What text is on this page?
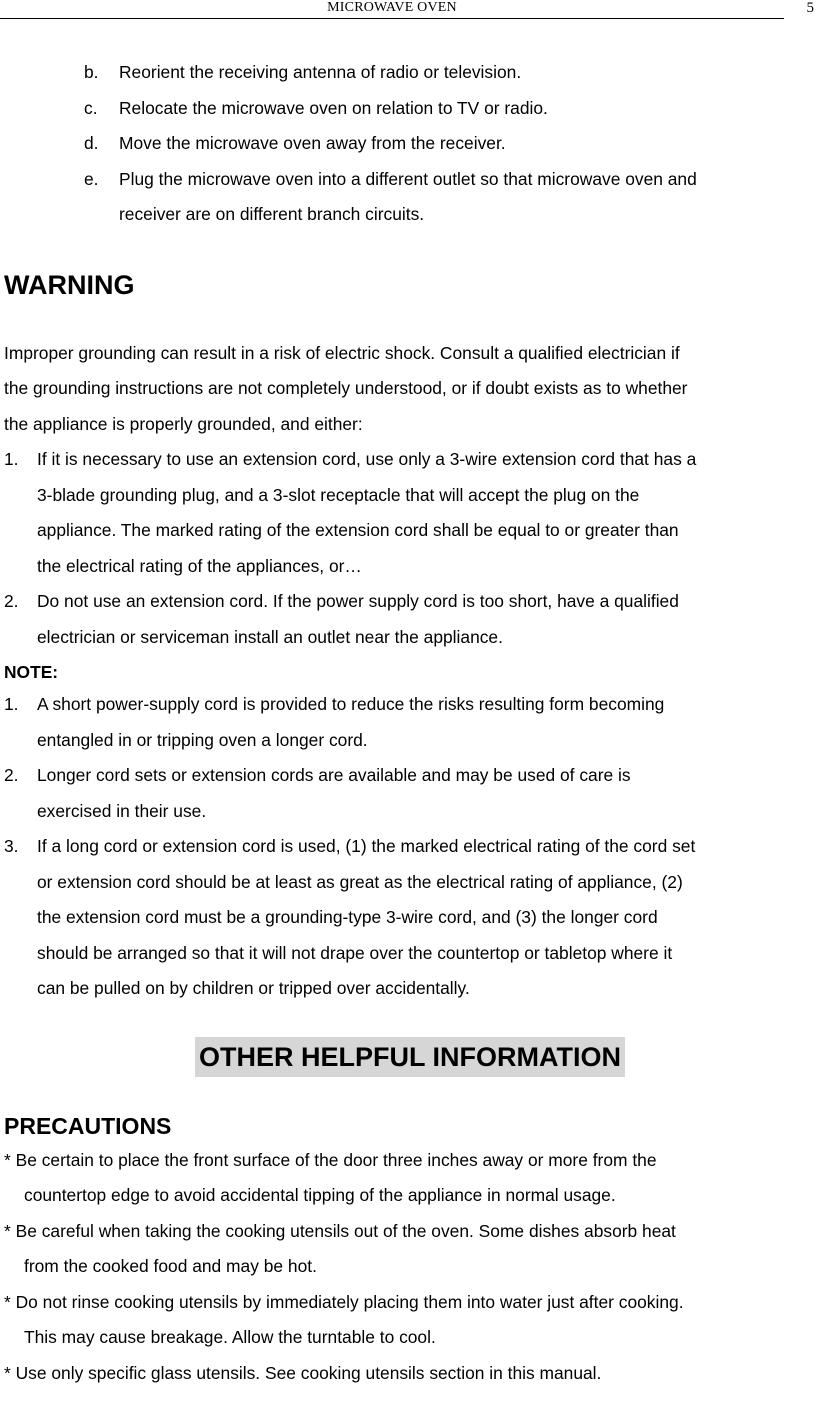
MICROWAVE OVEN	5
b.	Reorient the receiving antenna of radio or television.
c.	Relocate the microwave oven on relation to TV or radio.
d.	Move the microwave oven away from the receiver.
e.	Plug the microwave oven into a different outlet so that microwave oven and
receiver are on different branch circuits.
WARNING
Improper grounding can result in a risk of electric shock. Consult a qualified electrician if
the grounding instructions are not completely understood, or if doubt exists as to whether
the appliance is properly grounded, and either:
1.	If it is necessary to use an extension cord, use only a 3-wire extension cord that has a
3-blade grounding plug, and a 3-slot receptacle that will accept the plug on the
appliance. The marked rating of the extension cord shall be equal to or greater than
the electrical rating of the appliances, or…
2.	Do not use an extension cord. If the power supply cord is too short, have a qualified
electrician or serviceman install an outlet near the appliance.
NOTE:
1.	A short power-supply cord is provided to reduce the risks resulting form becoming
entangled in or tripping oven a longer cord.
2.	Longer cord sets or extension cords are available and may be used of care is
exercised in their use.
3.	If a long cord or extension cord is used, (1) the marked electrical rating of the cord set
or extension cord should be at least as great as the electrical rating of appliance, (2)
the extension cord must be a grounding-type 3-wire cord, and (3) the longer cord
should be arranged so that it will not drape over the countertop or tabletop where it
can be pulled on by children or tripped over accidentally.
OTHER HELPFUL INFORMATION
PRECAUTIONS
* Be certain to place the front surface of the door three inches away or more from the
countertop edge to avoid accidental tipping of the appliance in normal usage.
* Be careful when taking the cooking utensils out of the oven. Some dishes absorb heat
from the cooked food and may be hot.
* Do not rinse cooking utensils by immediately placing them into water just after cooking.
This may cause breakage. Allow the turntable to cool.
* Use only specific glass utensils. See cooking utensils section in this manual.
